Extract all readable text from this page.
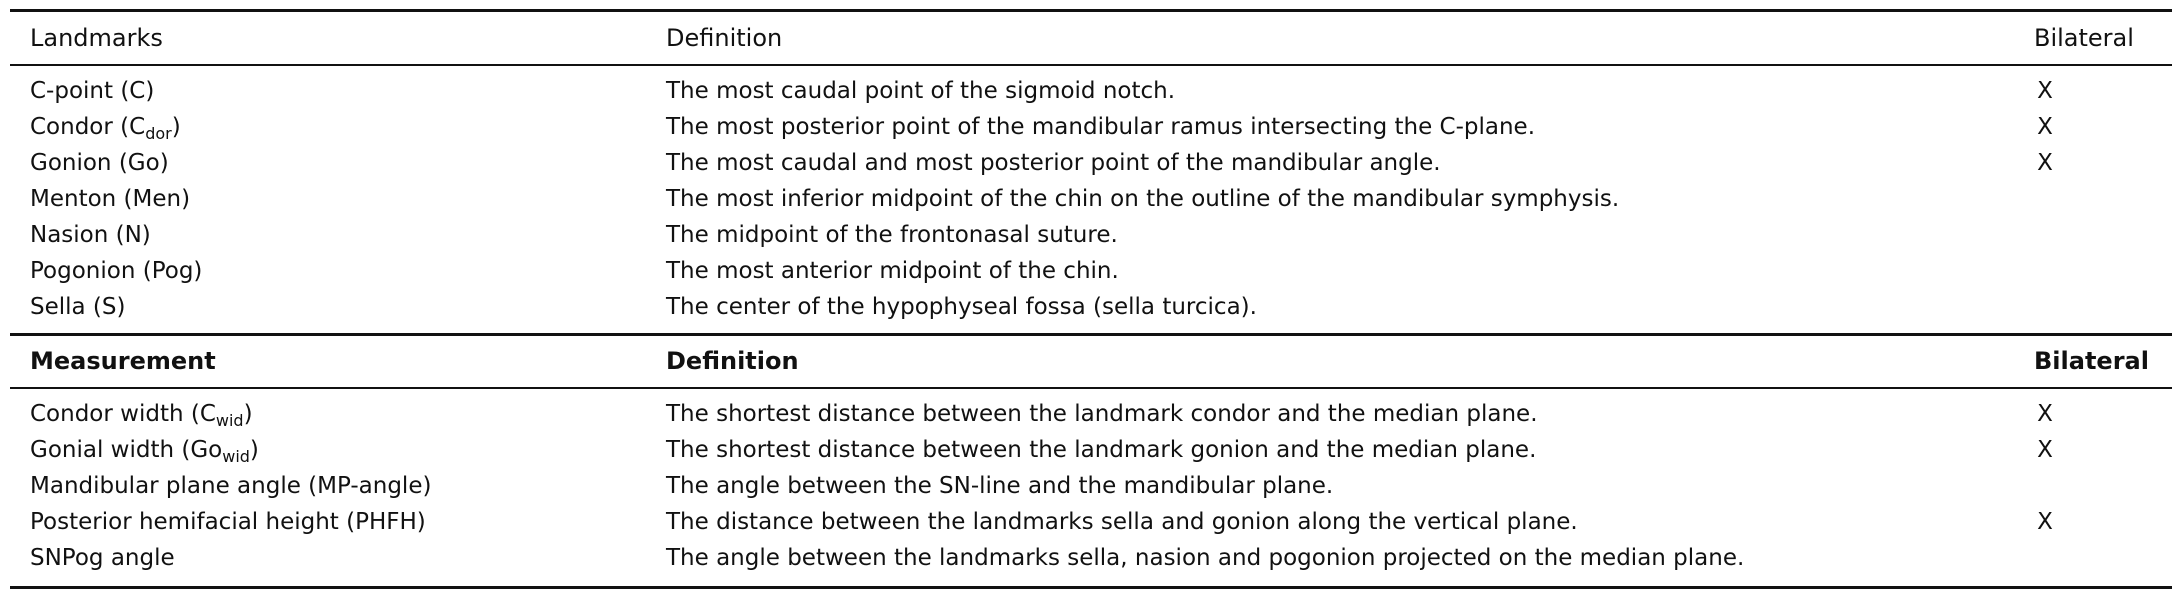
Landmarks	Definition	Bilateral
C-point (C)	The most caudal point of the sigmoid notch.	X
Condor $(C_{dor})$	The most posterior point of the mandibular ramus intersecting the C-plane.	X
Gonion (Go)	The most caudal and most posterior point of the mandibular angle.	X
Menton (Men)	The most inferior midpoint of the chin on the outline of the mandibular symphysis.
Nasion (N)	The midpoint of the frontonasal suture.
Pogonion (Pog)	The most anterior midpoint of the chin.
Sella (S)	The center of the hypophyseal fossa (sella turcica).
Measurement	Definition	Bilateral
Condor width $(C_{wid})$	The shortest distance between the landmark condor and the median plane.	X
Gonial width $(Go_{wid})$	The shortest distance between the landmark gonion and the median plane.	X
Mandibular plane angle (MP-angle)	The angle between the SN-line and the mandibular plane.
Posterior hemifacial height (PHFH)	The distance between the landmarks sella and gonion along the vertical plane.	X
SNPog angle	The angle between the landmarks sella, nasion and pogonion projected on the median plane.
